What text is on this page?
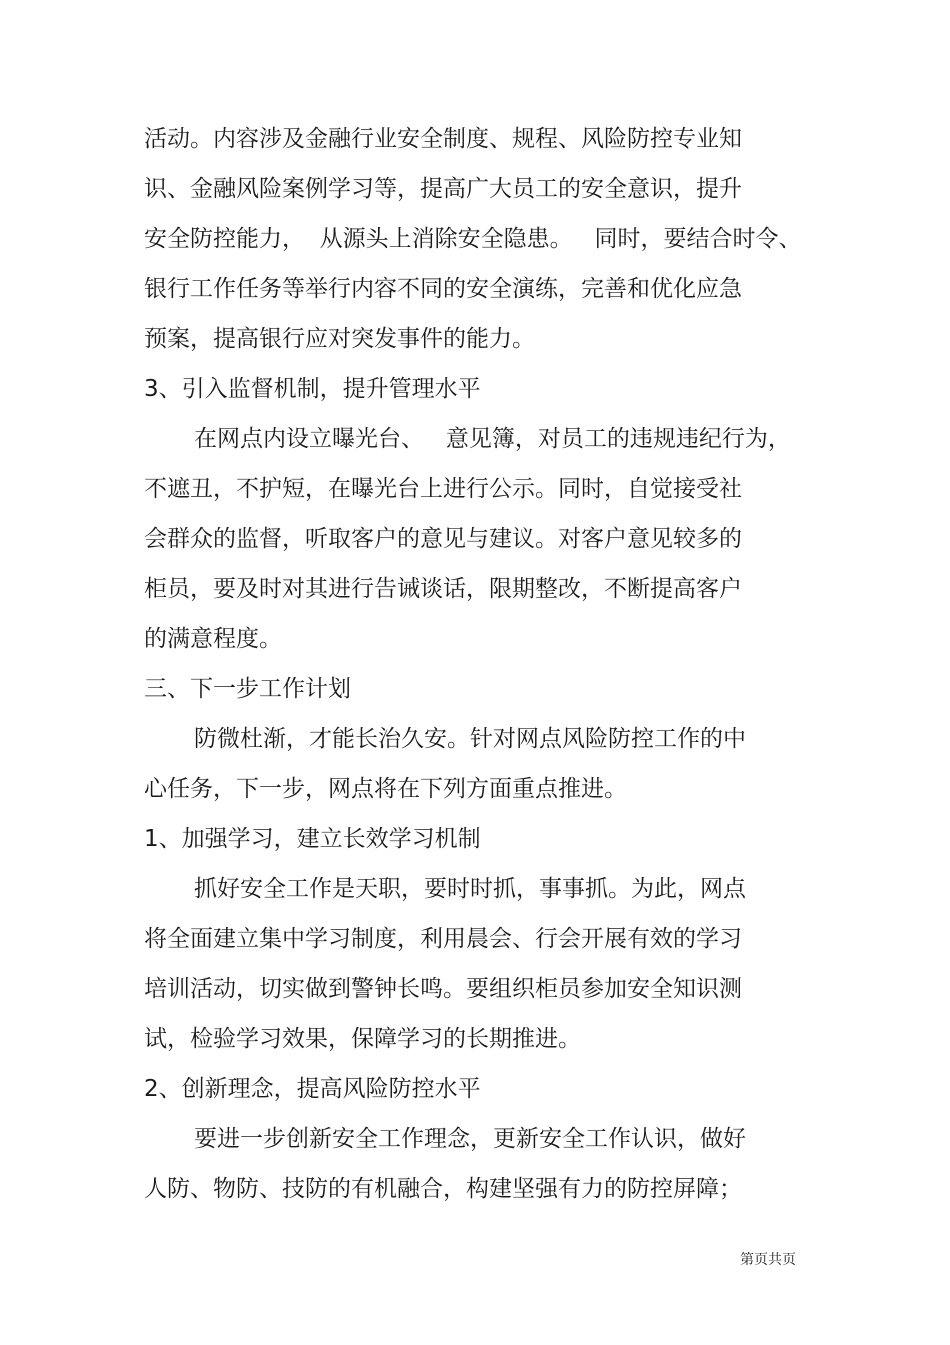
活动。内容涉及金融行业安全制度、规程、风险防控专业知
识、金融风险案例学习等，提高广大员工的安全意识，提升
安全防控能力，  从源头上消除安全隐患。   同时，要结合时令、
银行工作任务等举行内容不同的安全演练，完善和优化应急
预案，提高银行应对突发事件的能力。
3、引入监督机制，提升管理水平
在网点内设立曝光台、   意见簿，对员工的违规违纪行为，
不遮丑，不护短，在曝光台上进行公示。同时，自觉接受社
会群众的监督，听取客户的意见与建议。对客户意见较多的
柜员，要及时对其进行告诫谈话，限期整改，不断提高客户
的满意程度。
三、下一步工作计划
防微杜渐，才能长治久安。针对网点风险防控工作的中
心任务，下一步，网点将在下列方面重点推进。
1、加强学习，建立长效学习机制
抓好安全工作是天职，要时时抓，事事抓。为此，网点
将全面建立集中学习制度，利用晨会、行会开展有效的学习
培训活动，切实做到警钟长鸣。要组织柜员参加安全知识测
试，检验学习效果，保障学习的长期推进。
2、创新理念，提高风险防控水平
要进一步创新安全工作理念，更新安全工作认识，做好
人防、物防、技防的有机融合，构建坚强有力的防控屏障；
第页共页
